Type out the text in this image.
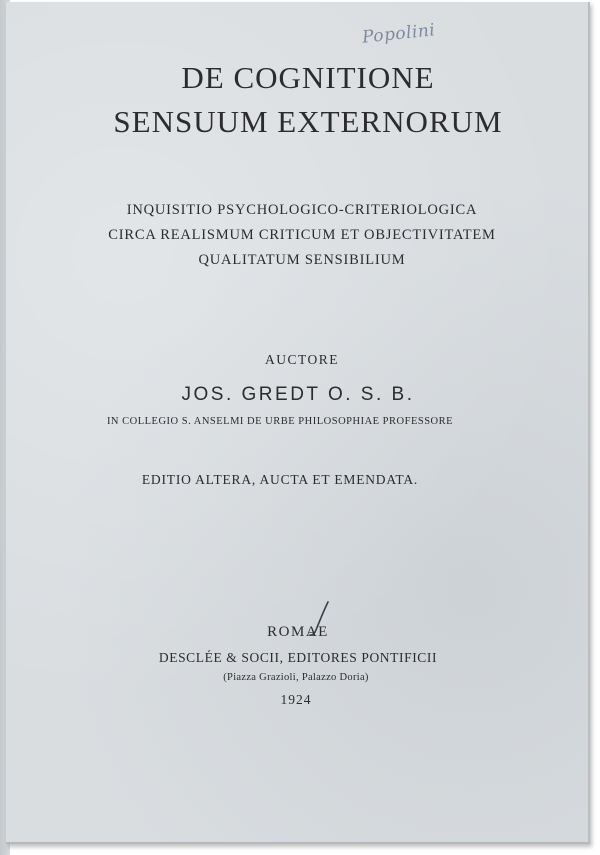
Popolini
DE COGNITIONE
SENSUUM EXTERNORUM
INQUISITIO PSYCHOLOGICO-CRITERIOLOGICA
CIRCA REALISMUM CRITICUM ET OBJECTIVITATEM
QUALITATUM SENSIBILIUM
AUCTORE
JOS. GREDT O. S. B.
IN COLLEGIO S. ANSELMI DE URBE PHILOSOPHIAE PROFESSORE
EDITIO ALTERA, AUCTA ET EMENDATA.
ROMAE
DESCLÉE & SOCII, EDITORES PONTIFICII
(Piazza Grazioli, Palazzo Doria)
1924
